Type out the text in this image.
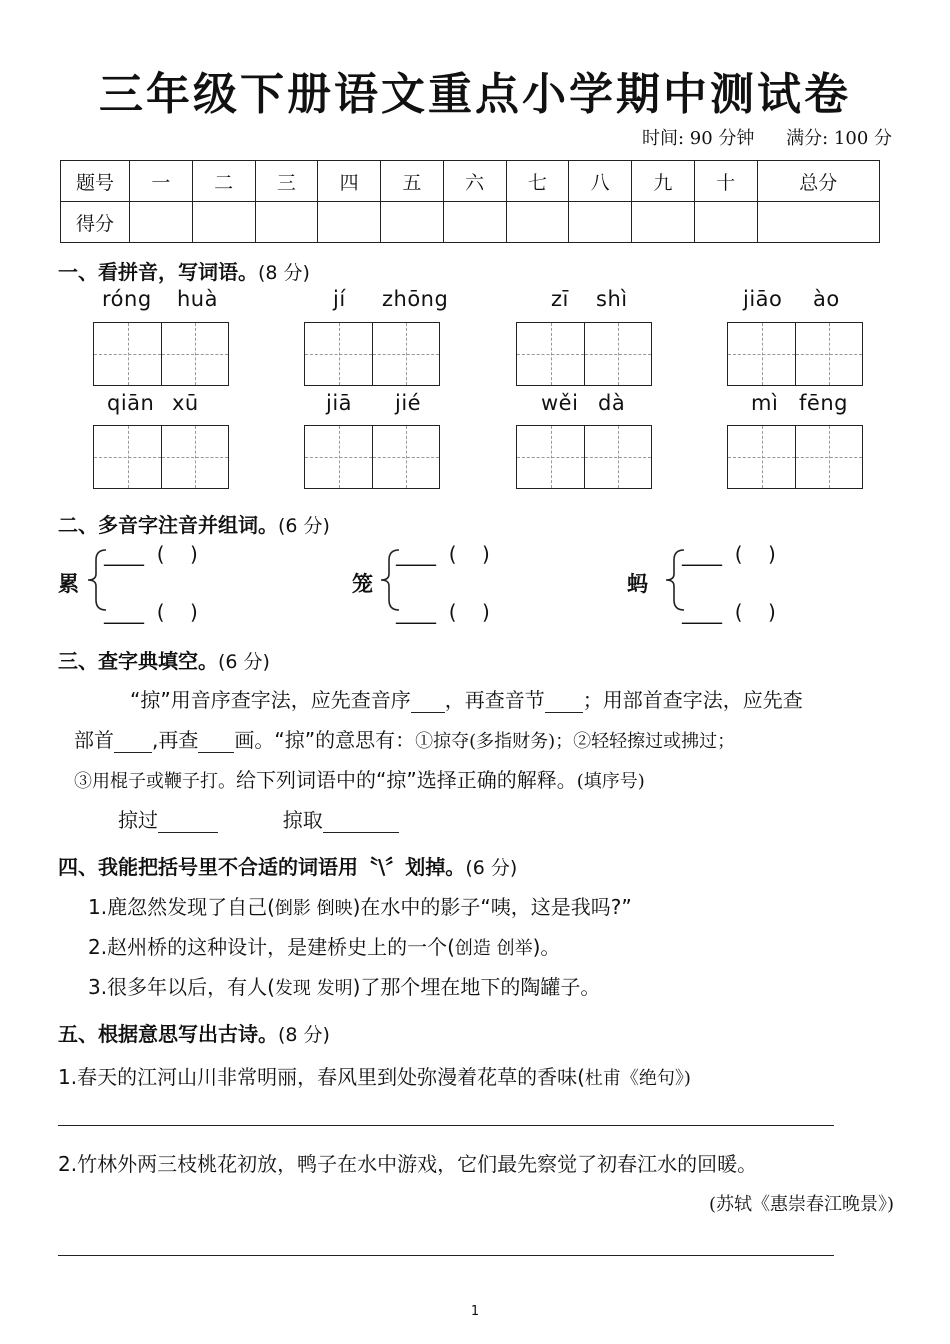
三年级下册语文重点小学期中测试卷
时间: 90 分钟 满分: 100 分
题号	一	二	三	四	五	六	七	八	九	十	总分
得分											
一、看拼音，写词语。(8 分)
róng huà	jí zhōng	zī shì	jiāo ào
qiān xū	jiā jié	wěi dà	mì fēng
二、多音字注音并组词。(6 分)
累
____  (    )
____  (    )
笼
____  (    )
____  (    )
蚂
____  (    )
____  (    )
三、查字典填空。(6 分)
“掠”用音序查字法，应先查音序 ，再查音节 ；用部首查字法，应先查
部首 ,再查 画。“掠”的意思有：①掠夺(多指财务)；②轻轻擦过或拂过；
③用棍子或鞭子打。给下列词语中的“掠”选择正确的解释。(填序号)
掠过	掠取
四、我能把括号里不合适的词语用〝\〞划掉。(6 分)
1.鹿忽然发现了自己(倒影 倒映)在水中的影子“咦，这是我吗?”
2.赵州桥的这种设计，是建桥史上的一个(创造 创举)。
3.很多年以后，有人(发现 发明)了那个埋在地下的陶罐子。
五、根据意思写出古诗。(8 分)
1.春天的江河山川非常明丽，春风里到处弥漫着花草的香味(杜甫《绝句》)
2.竹林外两三枝桃花初放，鸭子在水中游戏，它们最先察觉了初春江水的回暖。
(苏轼《惠崇春江晚景》)
1
